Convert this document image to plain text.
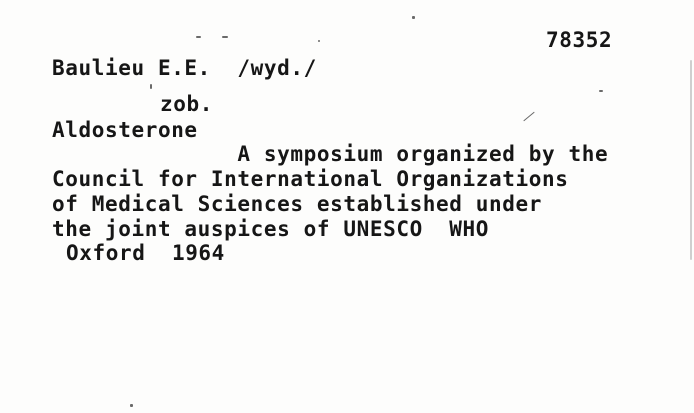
78352
Baulieu E.E.  /wyd./
zob.
Aldosterone
A symposium organized by the
Council for International Organizations
of Medical Sciences established under
the joint auspices of UNESCO  WHO
Oxford  1964
